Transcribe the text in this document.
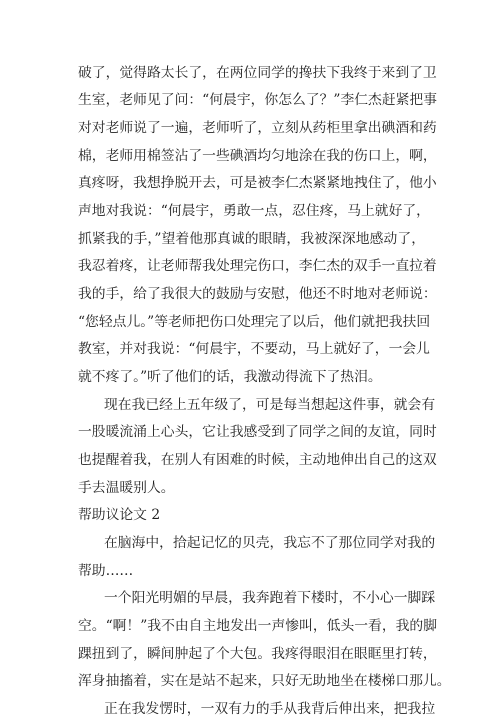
破了，觉得路太长了，在两位同学的搀扶下我终于来到了卫
生室，老师见了问：“何晨宇，你怎么了？”李仁杰赶紧把事
对对老师说了一遍，老师听了，立刻从药柜里拿出碘酒和药
棉，老师用棉签沾了一些碘酒均匀地涂在我的伤口上，啊，
真疼呀，我想挣脱开去，可是被李仁杰紧紧地拽住了，他小
声地对我说：“何晨宇，勇敢一点，忍住疼，马上就好了，
抓紧我的手，”望着他那真诚的眼睛，我被深深地感动了，
我忍着疼，让老师帮我处理完伤口，李仁杰的双手一直拉着
我的手，给了我很大的鼓励与安慰，他还不时地对老师说：
“您轻点儿。”等老师把伤口处理完了以后，他们就把我扶回
教室，并对我说：“何晨宇，不要动，马上就好了，一会儿
就不疼了。”听了他们的话，我激动得流下了热泪。
现在我已经上五年级了，可是每当想起这件事，就会有
一股暖流涌上心头，它让我感受到了同学之间的友谊，同时
也提醒着我，在别人有困难的时候，主动地伸出自己的这双
手去温暖别人。
帮助议论文 2
在脑海中，拾起记忆的贝壳，我忘不了那位同学对我的
帮助……
一个阳光明媚的早晨，我奔跑着下楼时，不小心一脚踩
空。“啊！”我不由自主地发出一声惨叫，低头一看，我的脚
踝扭到了，瞬间肿起了个大包。我疼得眼泪在眼眶里打转，
浑身抽搐着，实在是站不起来，只好无助地坐在楼梯口那儿。
正在我发愣时，一双有力的手从我背后伸出来，把我拉
